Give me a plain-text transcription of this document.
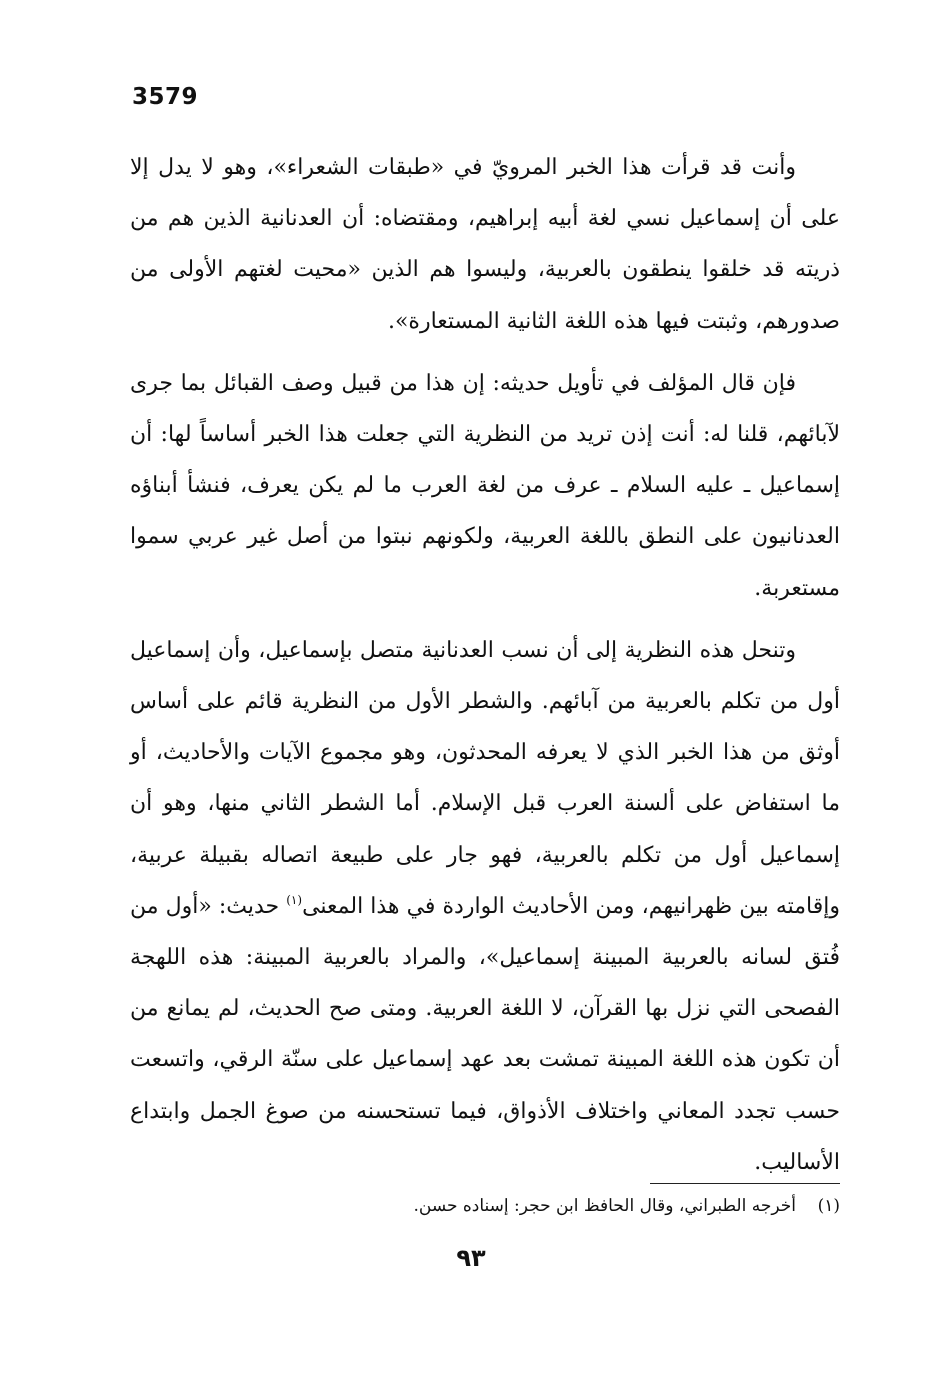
3579

وأنت قد قرأت هذا الخبر المرويّ في «طبقات الشعراء»، وهو لا يدل إلا على أن إسماعيل نسي لغة أبيه إبراهيم، ومقتضاه: أن العدنانية الذين هم من ذريته قد خلقوا ينطقون بالعربية، وليسوا هم الذين «محيت لغتهم الأولى من صدورهم، وثبتت فيها هذه اللغة الثانية المستعارة».

فإن قال المؤلف في تأويل حديثه: إن هذا من قبيل وصف القبائل بما جرى لآبائهم، قلنا له: أنت إذن تريد من النظرية التي جعلت هذا الخبر أساساً لها: أن إسماعيل ـ عليه السلام ـ عرف من لغة العرب ما لم يكن يعرف، فنشأ أبناؤه العدنانيون على النطق باللغة العربية، ولكونهم نبتوا من أصل غير عربي سموا مستعربة.

وتنحل هذه النظرية إلى أن نسب العدنانية متصل بإسماعيل، وأن إسماعيل أول من تكلم بالعربية من آبائهم. والشطر الأول من النظرية قائم على أساس أوثق من هذا الخبر الذي لا يعرفه المحدثون، وهو مجموع الآيات والأحاديث، أو ما استفاض على ألسنة العرب قبل الإسلام. أما الشطر الثاني منها، وهو أن إسماعيل أول من تكلم بالعربية، فهو جار على طبيعة اتصاله بقبيلة عربية، وإقامته بين ظهرانيهم، ومن الأحاديث الواردة في هذا المعنى$^{(١)}$ حديث: «أول من فُتق لسانه بالعربية المبينة إسماعيل»، والمراد بالعربية المبينة: هذه اللهجة الفصحى التي نزل بها القرآن، لا اللغة العربية. ومتى صح الحديث، لم يمانع من أن تكون هذه اللغة المبينة تمشت بعد عهد إسماعيل على سنّة الرقي، واتسعت حسب تجدد المعاني واختلاف الأذواق، فيما تستحسنه من صوغ الجمل وابتداع الأساليب.

(١)    أخرجه الطبراني، وقال الحافظ ابن حجر: إسناده حسن.
٩٣
